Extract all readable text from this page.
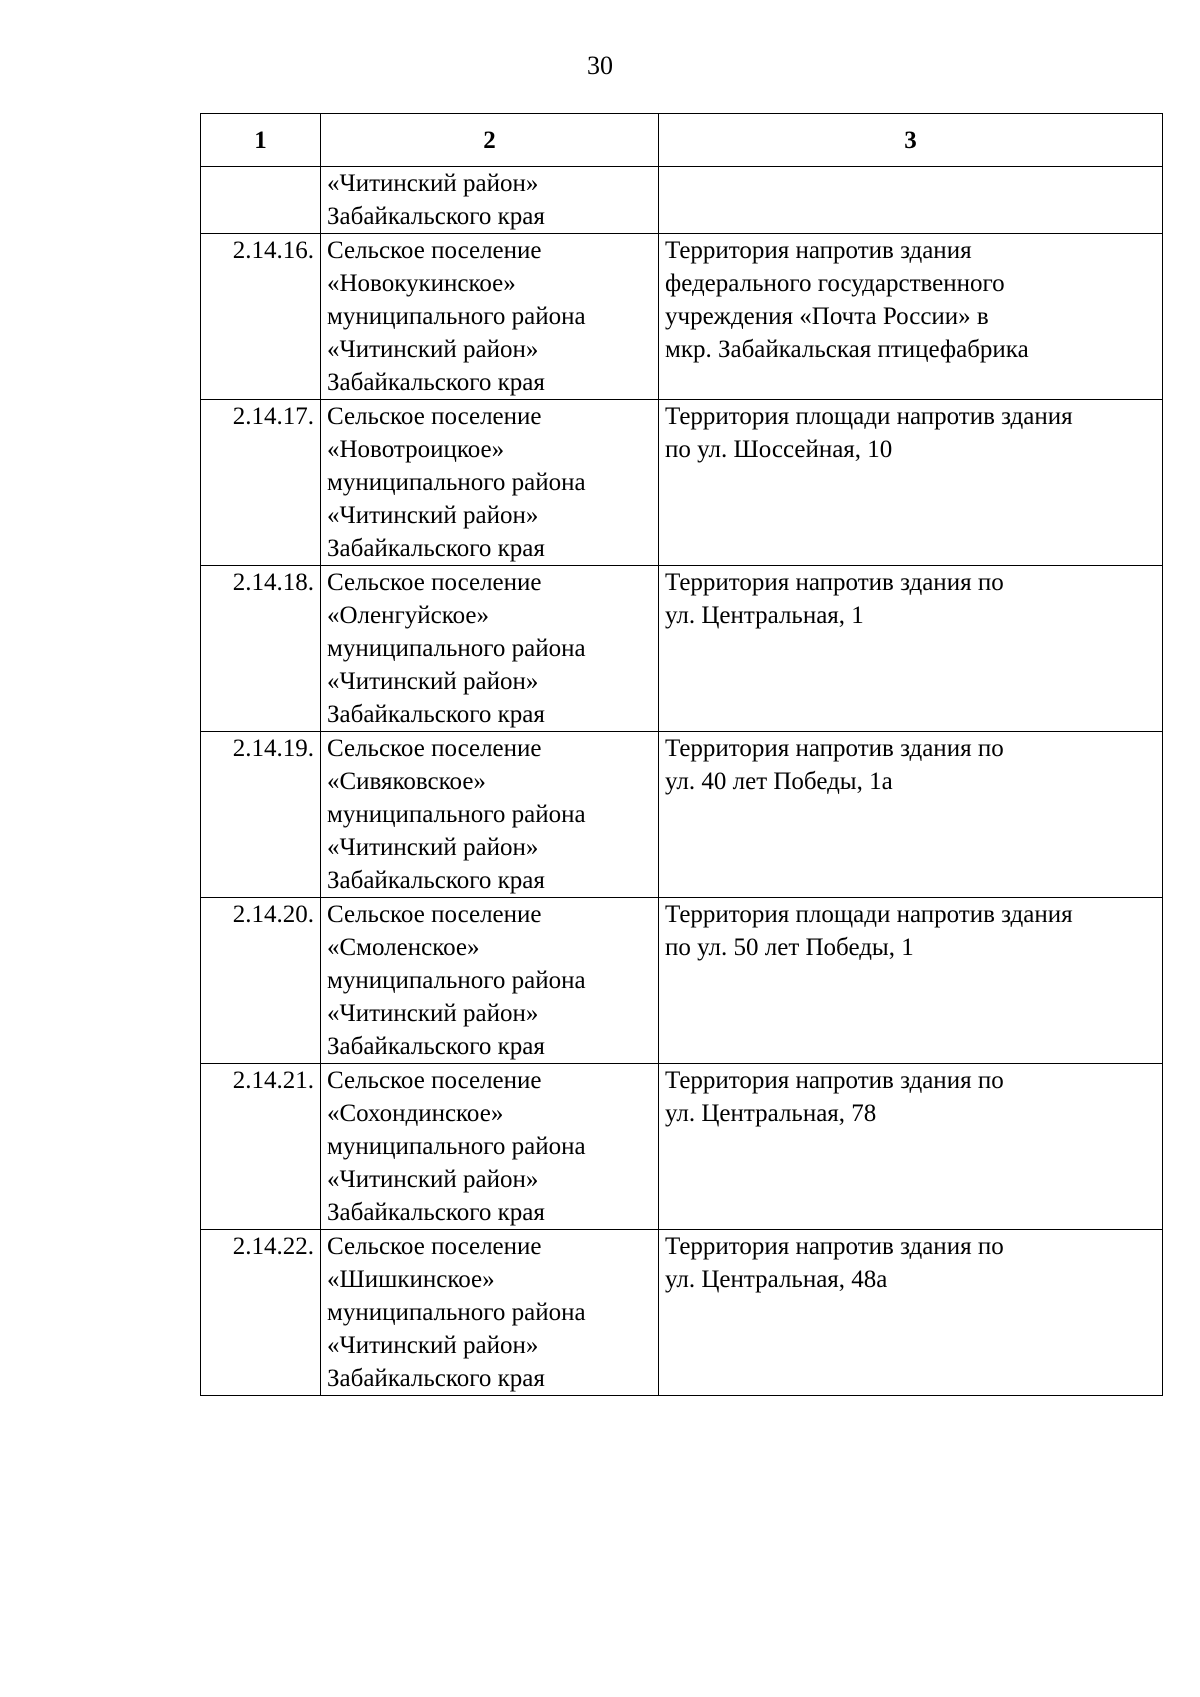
30
1	2	3

	«Читинский район»
Забайкальского края	

2.14.16.	Сельское поселение
«Новокукинское»
муниципального района
«Читинский район»
Забайкальского края	Территория напротив здания
федерального государственного
учреждения «Почта России» в
мкр. Забайкальская птицефабрика

2.14.17.	Сельское поселение
«Новотроицкое»
муниципального района
«Читинский район»
Забайкальского края	Территория площади напротив здания
по ул. Шоссейная, 10

2.14.18.	Сельское поселение
«Оленгуйское»
муниципального района
«Читинский район»
Забайкальского края	Территория напротив здания по
ул. Центральная, 1

2.14.19.	Сельское поселение
«Сивяковское»
муниципального района
«Читинский район»
Забайкальского края	Территория напротив здания по
ул. 40 лет Победы, 1а

2.14.20.	Сельское поселение
«Смоленское»
муниципального района
«Читинский район»
Забайкальского края	Территория площади напротив здания
по ул. 50 лет Победы, 1

2.14.21.	Сельское поселение
«Сохондинское»
муниципального района
«Читинский район»
Забайкальского края	Территория напротив здания по
ул. Центральная, 78

2.14.22.	Сельское поселение
«Шишкинское»
муниципального района
«Читинский район»
Забайкальского края	Территория напротив здания по
ул. Центральная, 48а
